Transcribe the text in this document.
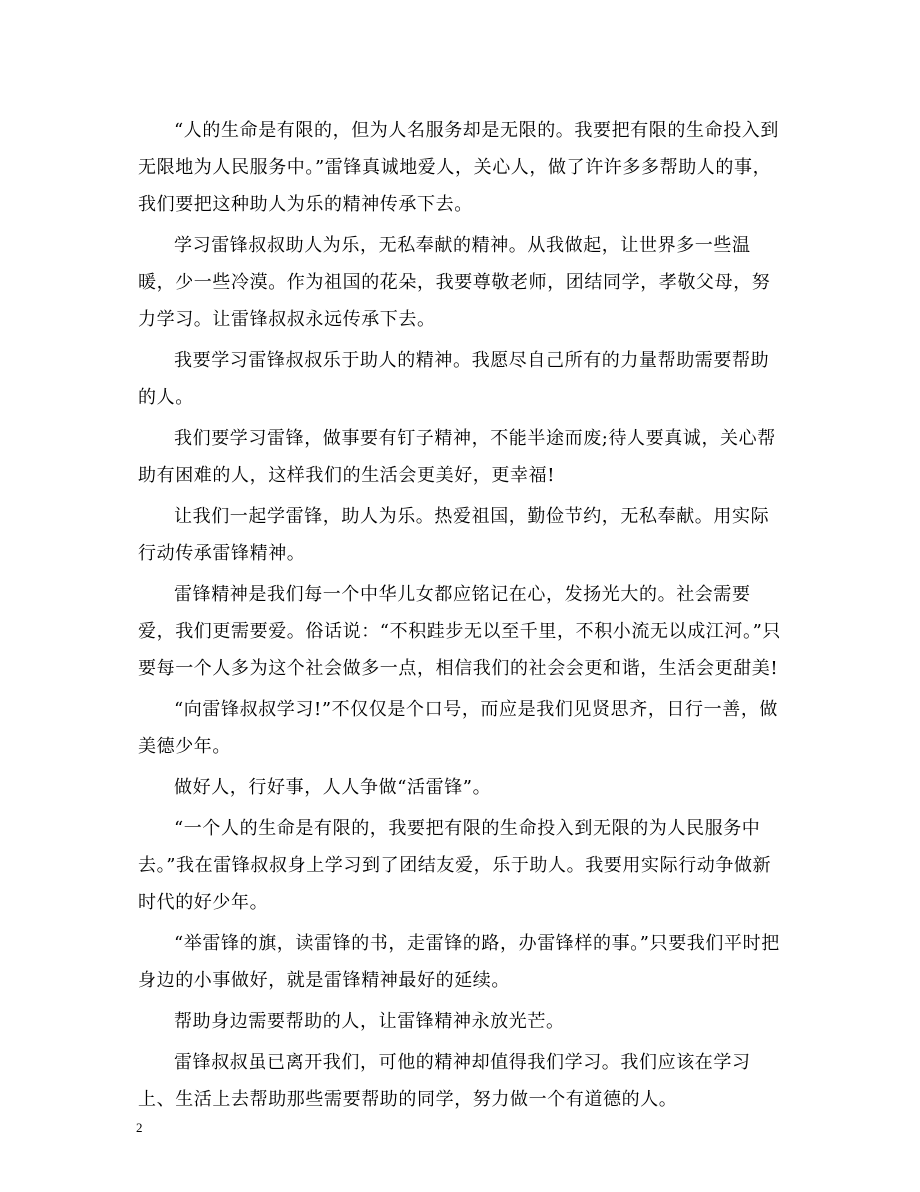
“人的生命是有限的，但为人名服务却是无限的。我要把有限的生命投入到无限地为人民服务中。”雷锋真诚地爱人，关心人，做了许许多多帮助人的事，我们要把这种助人为乐的精神传承下去。

学习雷锋叔叔助人为乐，无私奉献的精神。从我做起，让世界多一些温暖，少一些冷漠。作为祖国的花朵，我要尊敬老师，团结同学，孝敬父母，努力学习。让雷锋叔叔永远传承下去。

我要学习雷锋叔叔乐于助人的精神。我愿尽自己所有的力量帮助需要帮助的人。

我们要学习雷锋，做事要有钉子精神，不能半途而废;待人要真诚，关心帮助有困难的人，这样我们的生活会更美好，更幸福!

让我们一起学雷锋，助人为乐。热爱祖国，勤俭节约，无私奉献。用实际行动传承雷锋精神。

雷锋精神是我们每一个中华儿女都应铭记在心，发扬光大的。社会需要爱，我们更需要爱。俗话说：“不积跬步无以至千里，不积小流无以成江河。”只要每一个人多为这个社会做多一点，相信我们的社会会更和谐，生活会更甜美!

“向雷锋叔叔学习!”不仅仅是个口号，而应是我们见贤思齐，日行一善，做美德少年。

做好人，行好事，人人争做“活雷锋”。

“一个人的生命是有限的，我要把有限的生命投入到无限的为人民服务中去。”我在雷锋叔叔身上学习到了团结友爱，乐于助人。我要用实际行动争做新时代的好少年。

“举雷锋的旗，读雷锋的书，走雷锋的路，办雷锋样的事。”只要我们平时把身边的小事做好，就是雷锋精神最好的延续。

帮助身边需要帮助的人，让雷锋精神永放光芒。

雷锋叔叔虽已离开我们，可他的精神却值得我们学习。我们应该在学习上、生活上去帮助那些需要帮助的同学，努力做一个有道德的人。

2
